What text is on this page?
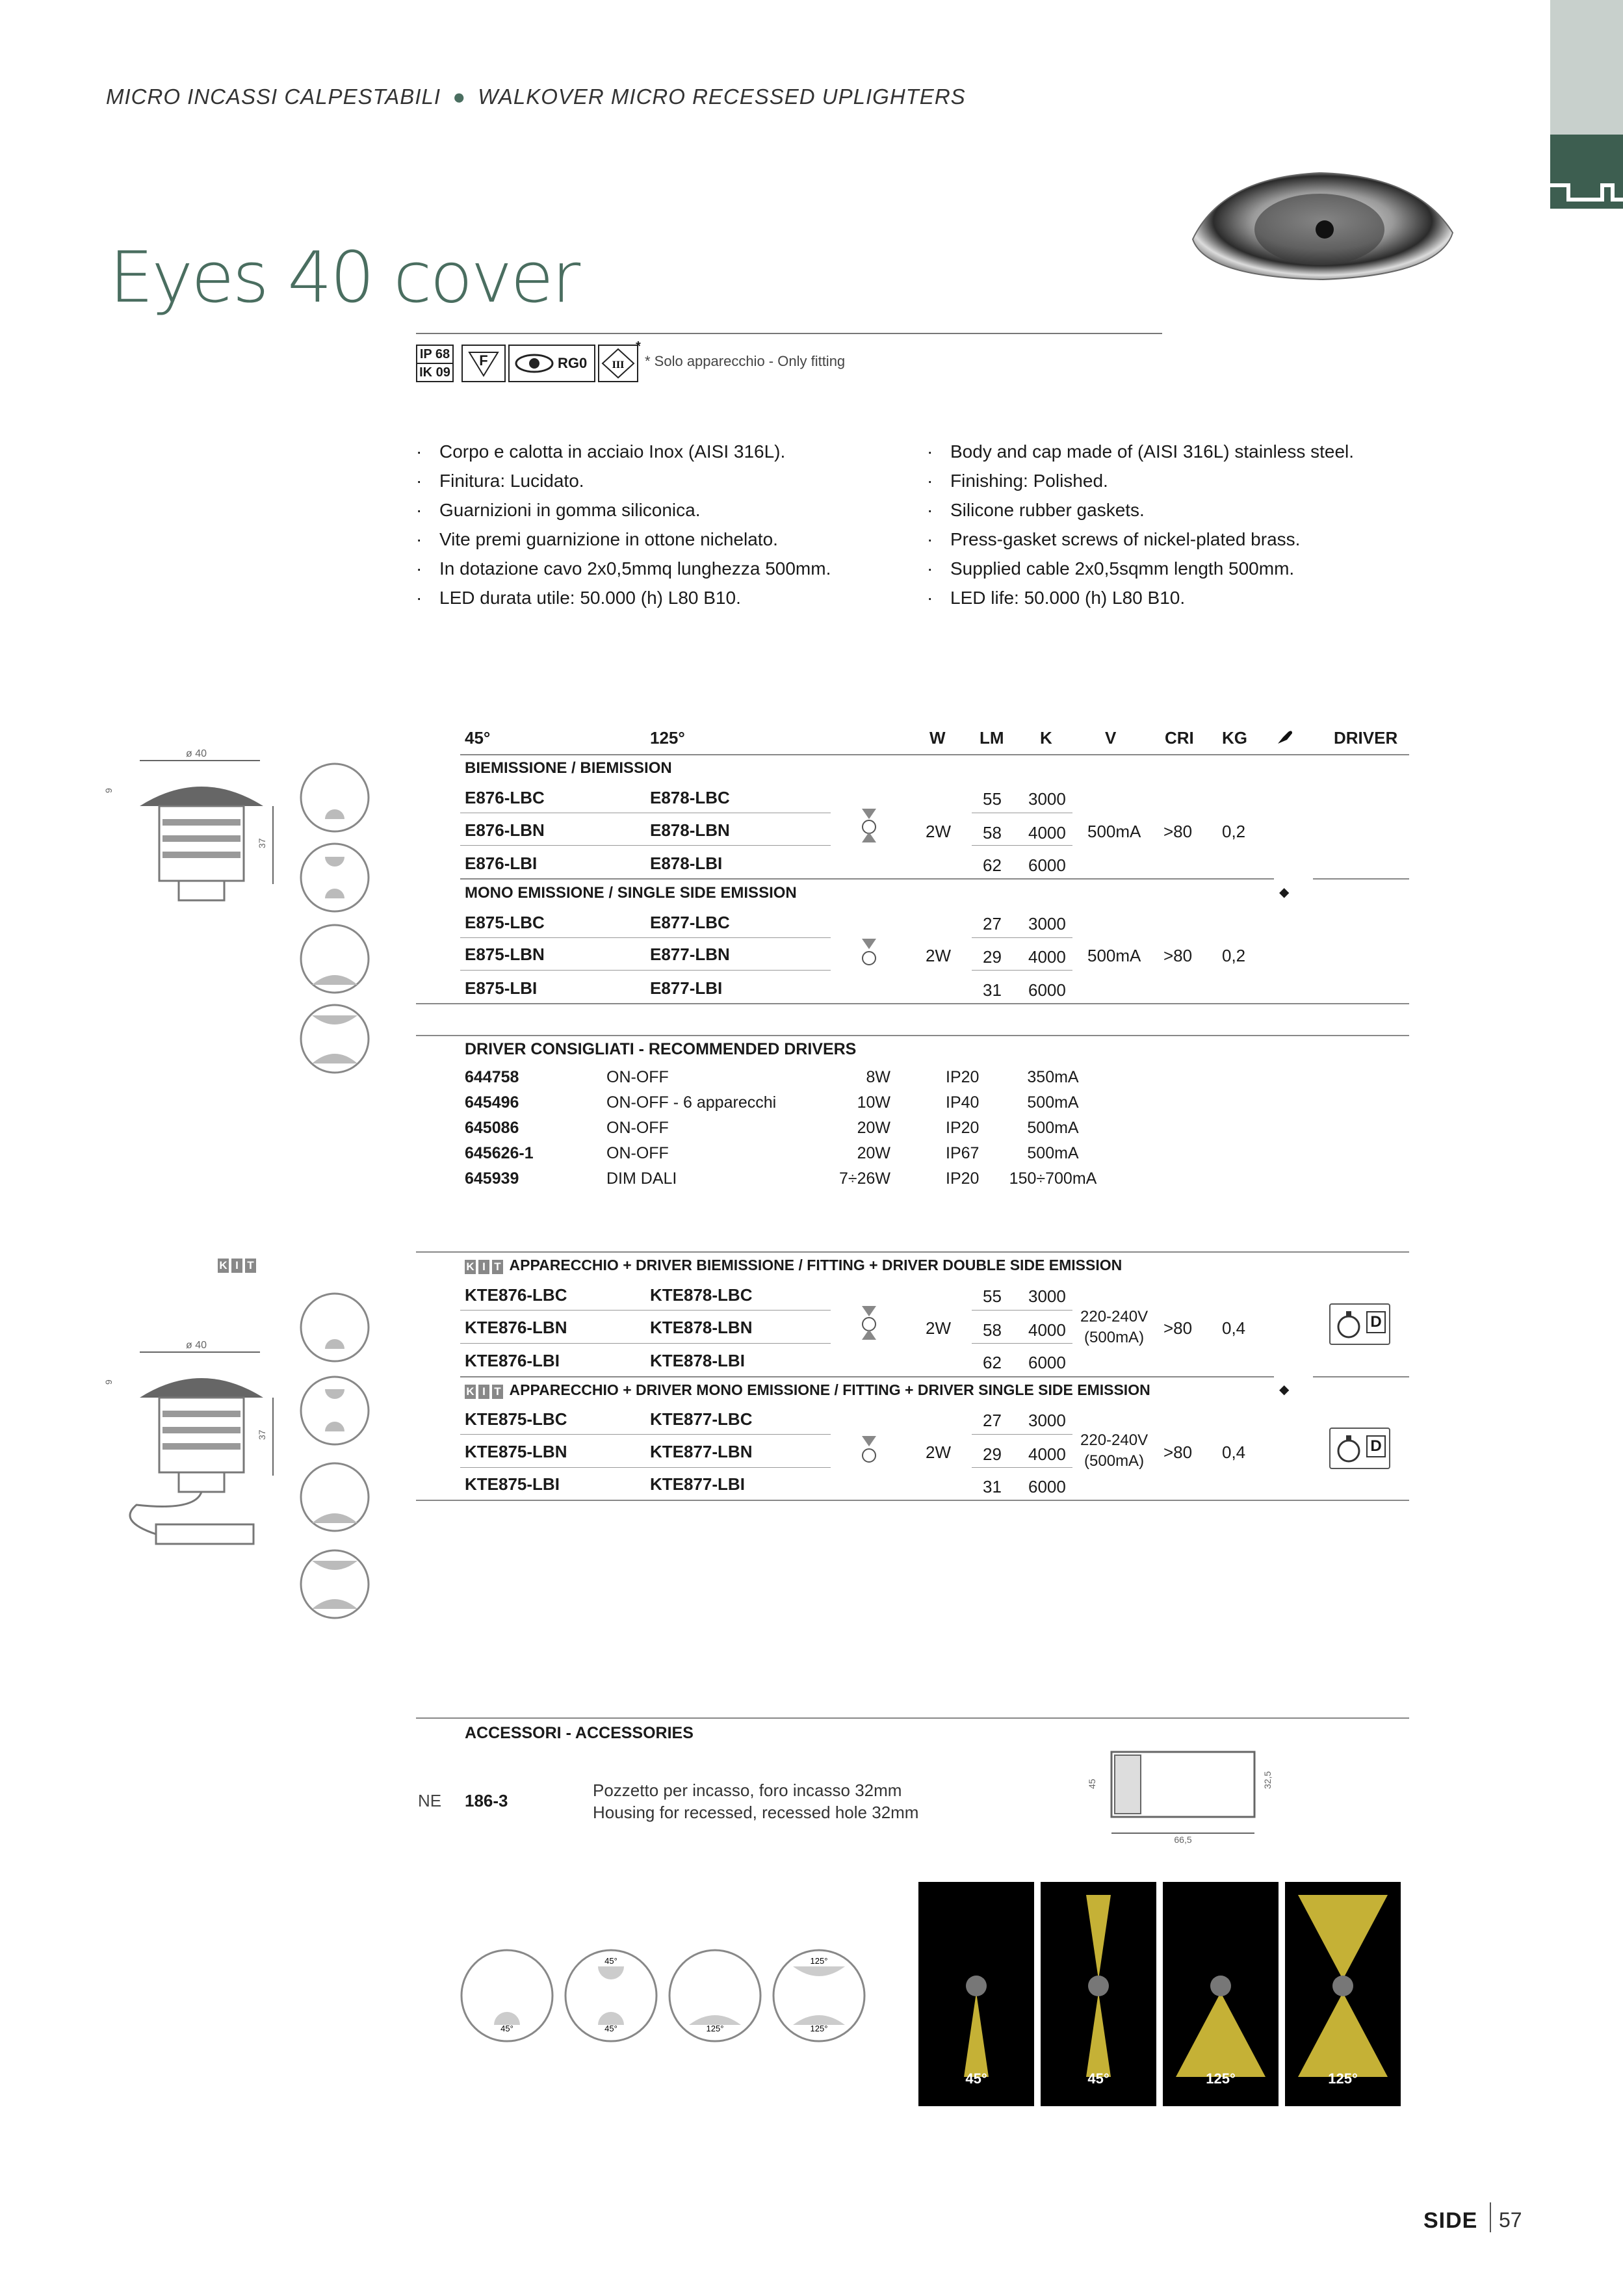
MICRO INCASSI CALPESTABILI ● WALKOVER MICRO RECESSED UPLIGHTERS
Eyes 40 cover
IP 68
IK 09
F	RG0 III
*
* Solo apparecchio - Only fitting
· Corpo e calotta in acciaio Inox (AISI 316L).
· Finitura: Lucidato.
· Guarnizioni in gomma siliconica.
· Vite premi guarnizione in ottone nichelato.
· In dotazione cavo 2x0,5mmq lunghezza 500mm.
· LED durata utile: 50.000 (h) L80 B10.
· Body and cap made of (AISI 316L) stainless steel.
· Finishing: Polished.
· Silicone rubber gaskets.
· Press-gasket screws of nickel-plated brass.
· Supplied cable 2x0,5sqmm length 500mm.
· LED life: 50.000 (h) L80 B10.
ø 40
37
9
45°	125°	W LM K	V	CRI KG	DRIVER
BIEMISSIONE / BIEMISSION
E876-LBC	E878-LBC	55 3000
E876-LBN	E878-LBN	58 4000
E876-LBI	E878-LBI	62 6000
2W	500mA >80 0,2
MONO EMISSIONE / SINGLE SIDE EMISSION	◆
E875-LBC	E877-LBC	27 3000
E875-LBN	E877-LBN	29 4000
E875-LBI	E877-LBI	31 6000
2W	500mA >80 0,2
DRIVER CONSIGLIATI - RECOMMENDED DRIVERS
644758	ON-OFF	8W	IP20	350mA
645496	ON-OFF - 6 apparecchi	10W	IP40	500mA
645086	ON-OFF	20W	IP20	500mA
645626-1	ON-OFF	20W	IP67	500mA
645939	DIM DALI	7÷26W	IP20 150÷700mA
K I T
ø 40
37
9
K I T APPARECCHIO + DRIVER BIEMISSIONE / FITTING + DRIVER DOUBLE SIDE EMISSION
KTE876-LBC	KTE878-LBC	55 3000
KTE876-LBN	KTE878-LBN	58 4000
KTE876-LBI	KTE878-LBI	62 6000
2W
220-240V
(500mA) >80 0,4	D
K I T APPARECCHIO + DRIVER MONO EMISSIONE / FITTING + DRIVER SINGLE SIDE EMISSION	◆
KTE875-LBC	KTE877-LBC	27 3000
KTE875-LBN	KTE877-LBN	29 4000
KTE875-LBI	KTE877-LBI	31 6000
2W
220-240V
(500mA) >80 0,4	D
ACCESSORI - ACCESSORIES
NE 186-3
Pozzetto per incasso, foro incasso 32mm
Housing for recessed, recessed hole 32mm
66,5
45	32,5
45°
45°
45°	125°
125°
125°
45°	45°	125°	125°
SIDE 57
